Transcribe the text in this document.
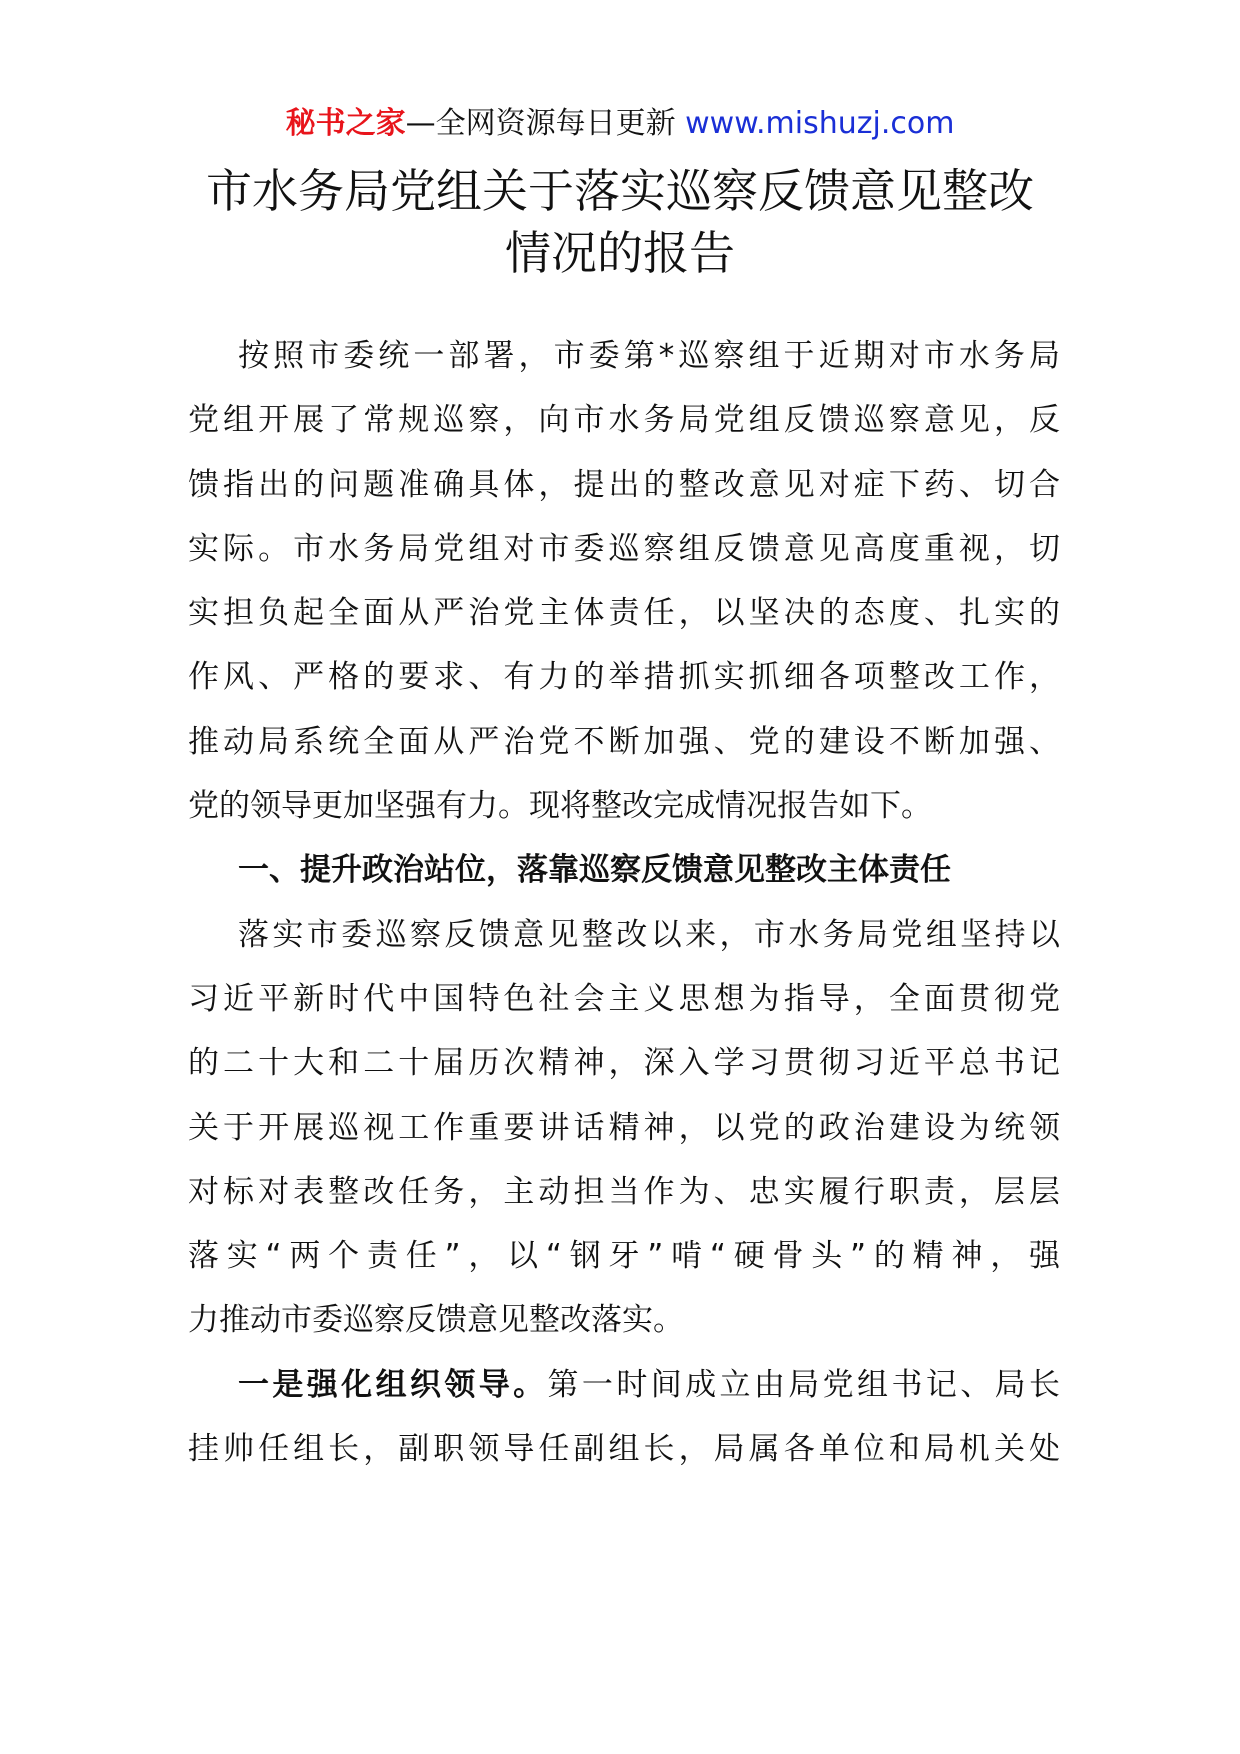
秘书之家—全网资源每日更新 www.mishuzj.com
市水务局党组关于落实巡察反馈意见整改
情况的报告
按照市委统一部署，市委第*巡察组于近期对市水务局
党组开展了常规巡察，向市水务局党组反馈巡察意见，反
馈指出的问题准确具体，提出的整改意见对症下药、切合
实际。市水务局党组对市委巡察组反馈意见高度重视，切
实担负起全面从严治党主体责任，以坚决的态度、扎实的
作风、严格的要求、有力的举措抓实抓细各项整改工作，
推动局系统全面从严治党不断加强、党的建设不断加强、
党的领导更加坚强有力。现将整改完成情况报告如下。
一、提升政治站位，落靠巡察反馈意见整改主体责任
落实市委巡察反馈意见整改以来，市水务局党组坚持以
习近平新时代中国特色社会主义思想为指导，全面贯彻党
的二十大和二十届历次精神，深入学习贯彻习近平总书记
关于开展巡视工作重要讲话精神，以党的政治建设为统领
对标对表整改任务，主动担当作为、忠实履行职责，层层
落实“两个责任”，以“钢牙”啃“硬骨头”的精神，强
力推动市委巡察反馈意见整改落实。
一是强化组织领导。第一时间成立由局党组书记、局长
挂帅任组长，副职领导任副组长，局属各单位和局机关处
